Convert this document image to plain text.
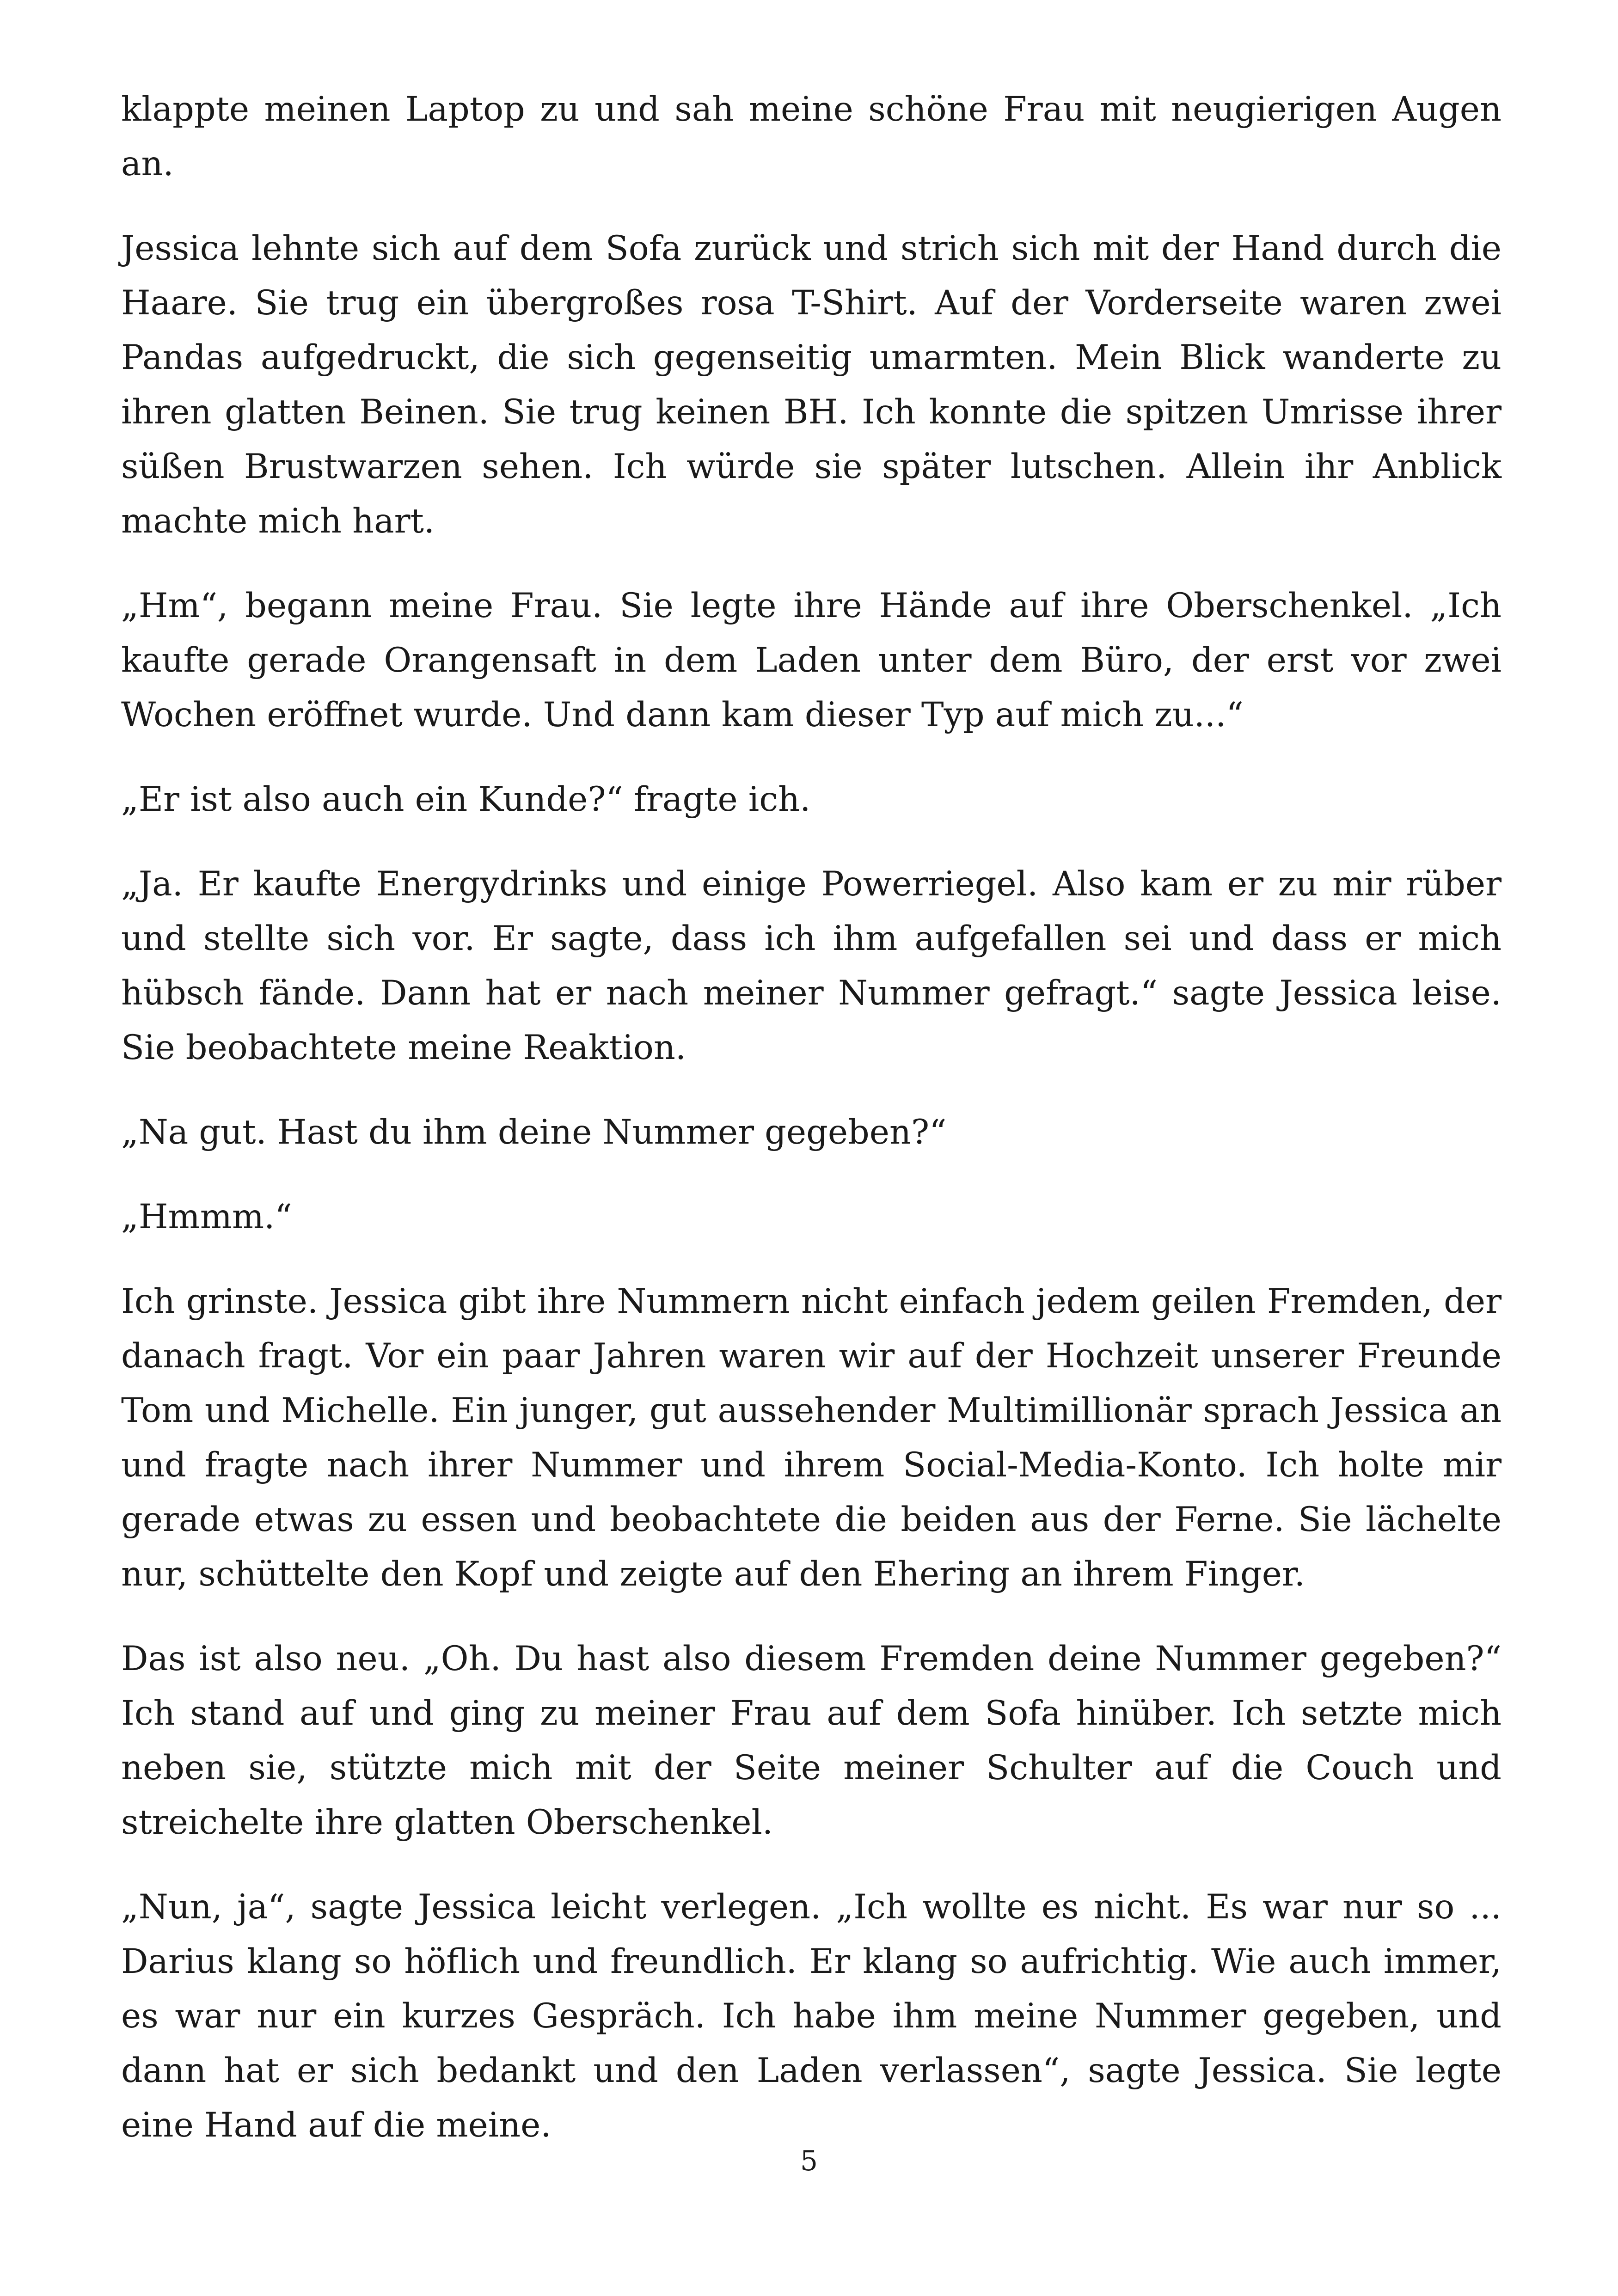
klappte meinen Laptop zu und sah meine schöne Frau mit neugierigen Augen an.

Jessica lehnte sich auf dem Sofa zurück und strich sich mit der Hand durch die Haare. Sie trug ein übergroßes rosa T-Shirt. Auf der Vorderseite waren zwei Pandas aufgedruckt, die sich gegenseitig umarmten. Mein Blick wanderte zu ihren glatten Beinen. Sie trug keinen BH. Ich konnte die spitzen Umrisse ihrer süßen Brustwarzen sehen. Ich würde sie später lutschen. Allein ihr Anblick machte mich hart.

„Hm“, begann meine Frau. Sie legte ihre Hände auf ihre Oberschenkel. „Ich kaufte gerade Orangensaft in dem Laden unter dem Büro, der erst vor zwei Wochen eröffnet wurde. Und dann kam dieser Typ auf mich zu...“

„Er ist also auch ein Kunde?“ fragte ich.

„Ja. Er kaufte Energydrinks und einige Powerriegel. Also kam er zu mir rüber und stellte sich vor. Er sagte, dass ich ihm aufgefallen sei und dass er mich hübsch fände. Dann hat er nach meiner Nummer gefragt.“ sagte Jessica leise. Sie beobachtete meine Reaktion.

„Na gut. Hast du ihm deine Nummer gegeben?“

„Hmmm.“

Ich grinste. Jessica gibt ihre Nummern nicht einfach jedem geilen Fremden, der danach fragt. Vor ein paar Jahren waren wir auf der Hochzeit unserer Freunde Tom und Michelle. Ein junger, gut aussehender Multimillionär sprach Jessica an und fragte nach ihrer Nummer und ihrem Social-Media-Konto. Ich holte mir gerade etwas zu essen und beobachtete die beiden aus der Ferne. Sie lächelte nur, schüttelte den Kopf und zeigte auf den Ehering an ihrem Finger.

Das ist also neu. „Oh. Du hast also diesem Fremden deine Nummer gegeben?“ Ich stand auf und ging zu meiner Frau auf dem Sofa hinüber. Ich setzte mich neben sie, stützte mich mit der Seite meiner Schulter auf die Couch und streichelte ihre glatten Oberschenkel.

„Nun, ja“, sagte Jessica leicht verlegen. „Ich wollte es nicht. Es war nur so ... Darius klang so höflich und freundlich. Er klang so aufrichtig. Wie auch immer, es war nur ein kurzes Gespräch. Ich habe ihm meine Nummer gegeben, und dann hat er sich bedankt und den Laden verlassen“, sagte Jessica. Sie legte eine Hand auf die meine.

5
